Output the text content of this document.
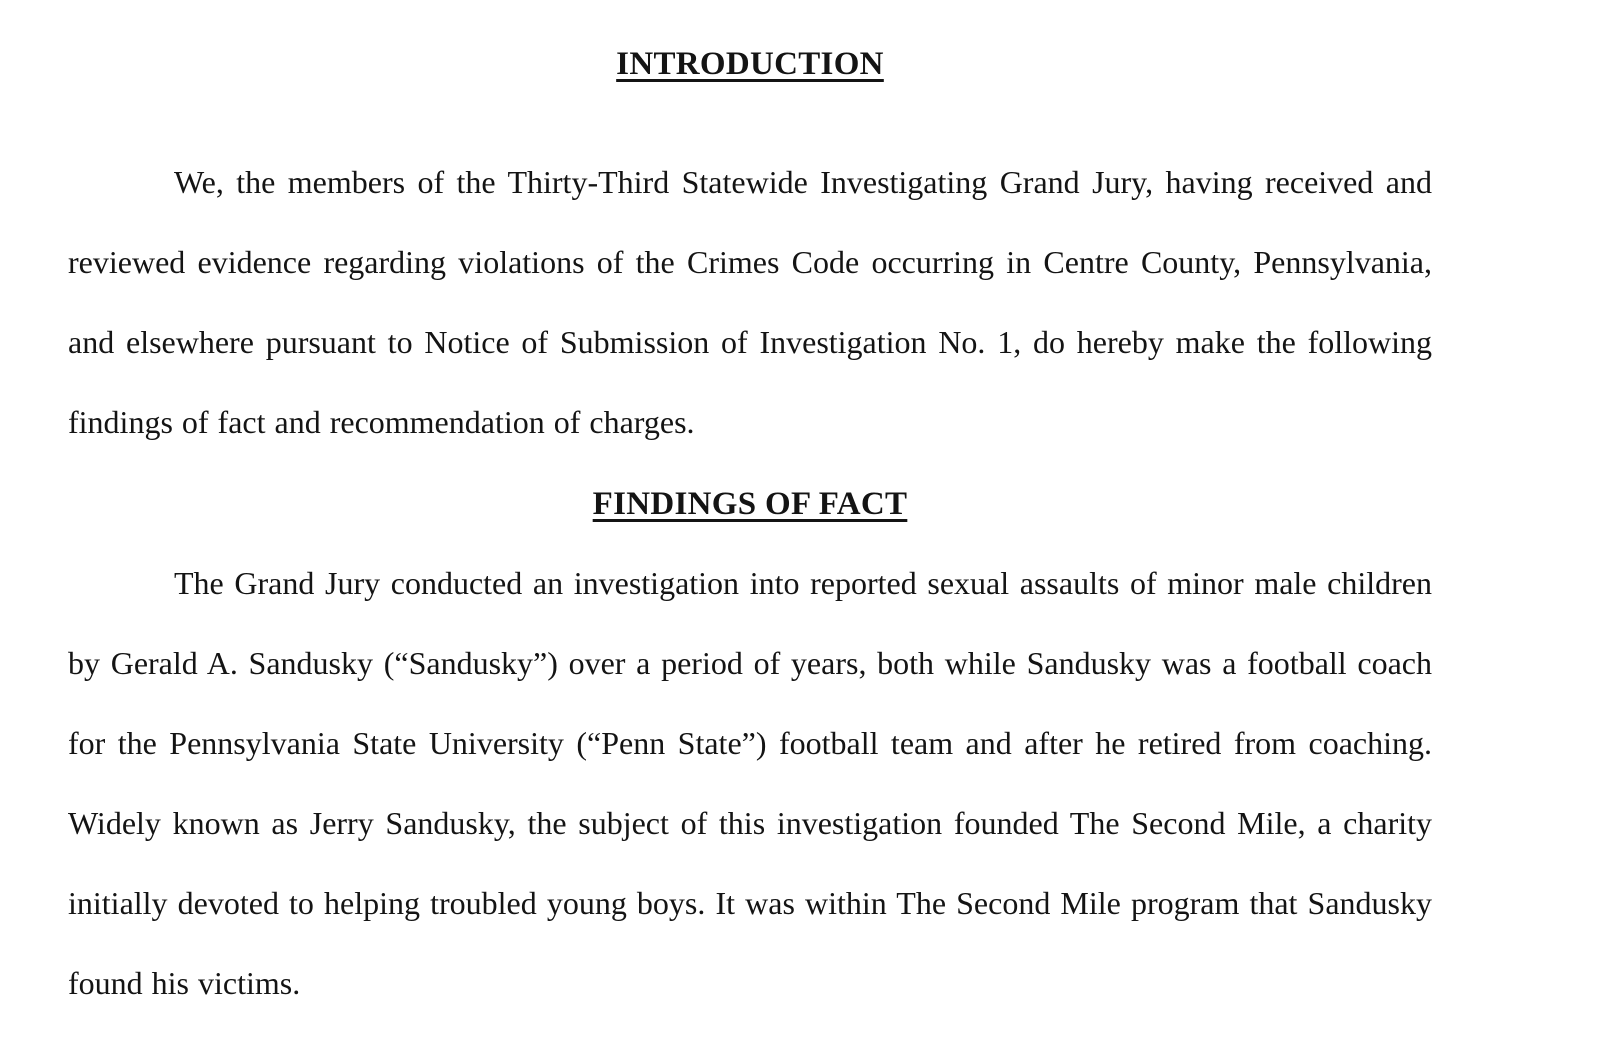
INTRODUCTION

We, the members of the Thirty-Third Statewide Investigating Grand Jury, having received and reviewed evidence regarding violations of the Crimes Code occurring in Centre County, Pennsylvania, and elsewhere pursuant to Notice of Submission of Investigation No. 1, do hereby make the following findings of fact and recommendation of charges.

FINDINGS OF FACT

The Grand Jury conducted an investigation into reported sexual assaults of minor male children by Gerald A. Sandusky (“Sandusky”) over a period of years, both while Sandusky was a football coach for the Pennsylvania State University (“Penn State”) football team and after he retired from coaching. Widely known as Jerry Sandusky, the subject of this investigation founded The Second Mile, a charity initially devoted to helping troubled young boys. It was within The Second Mile program that Sandusky found his victims.
